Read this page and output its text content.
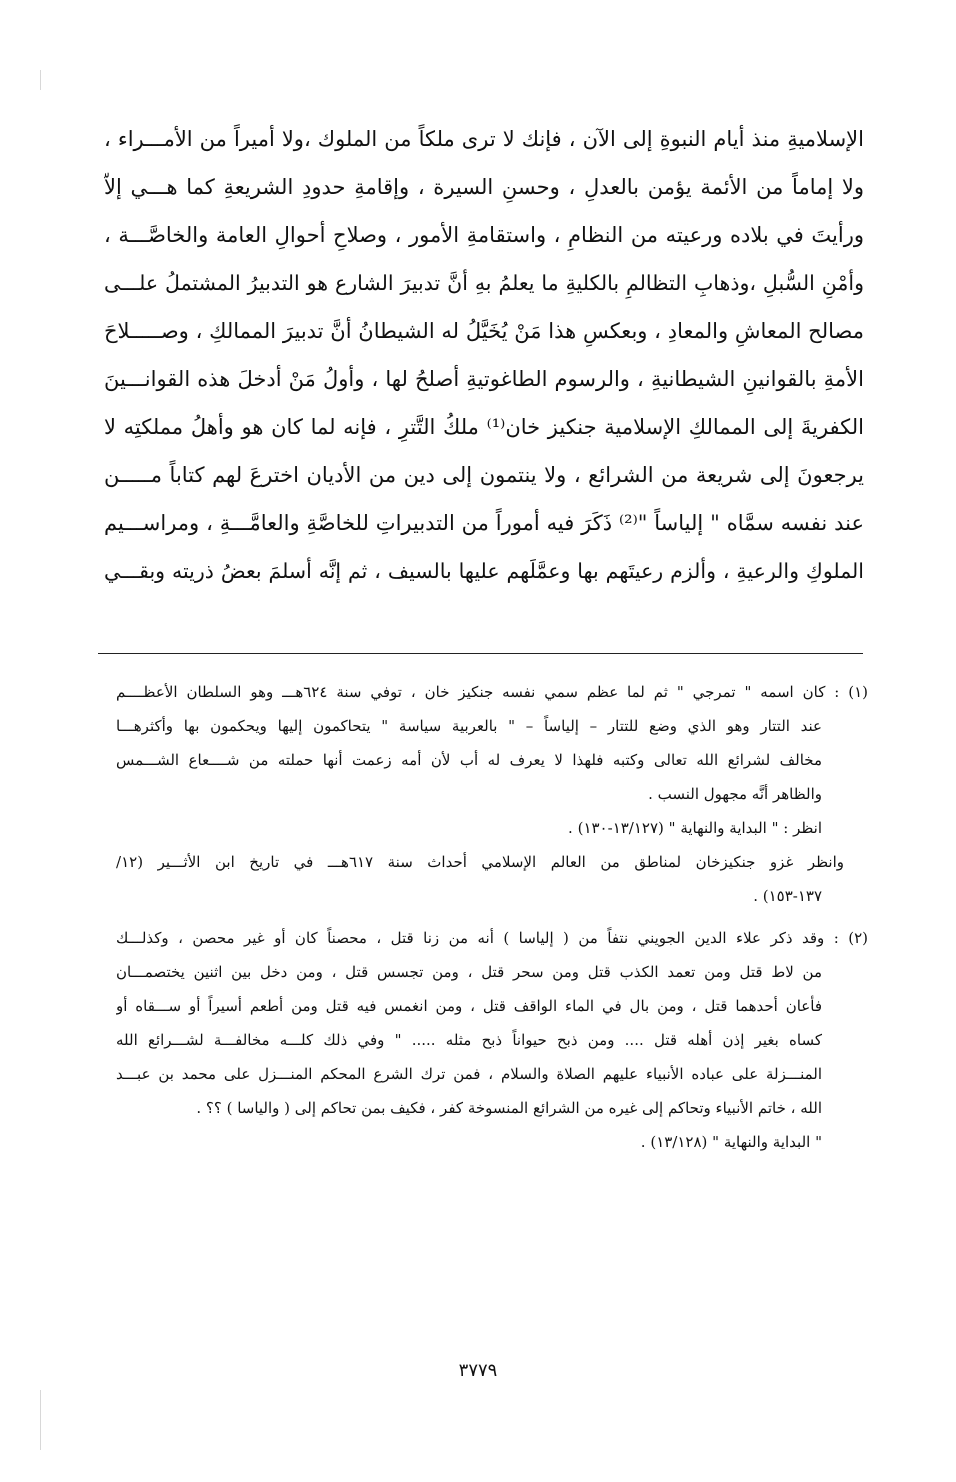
الإسلاميةِ منذ أيام النبوةِ إلى الآن ، فإنك لا ترى ملكاً من الملوك ،ولا أميراً من الأمـــراء ،
ولا إماماً من الأئمة يؤمن بالعدلِ ، وحسنِ السيرة ، وإقامةِ حدودِ الشريعةِ كما هـــي إلاّ
ورأيتَ في بلاده ورعيته من النظامِ ، واستقامةِ الأمور ، وصلاحِ أحوالِ العامة والخاصَّـــة ،
وأمْنِ السُّبلِ ،وذهابِ التظالمِ بالكليةِ ما يعلمُ بهِ أنَّ تدبيرَ الشارع هو التدبيرُ المشتملُ علـــى
مصالح المعاشِ والمعادِ ، وبعكسِ هذا مَنْ يُخَيَّلُ له الشيطانُ أنَّ تدبيرَ الممالكِ ، وصـــــلاحَ
الأمةِ بالقوانينِ الشيطانيةِ ، والرسوم الطاغوتيةِ أصلحُ لها ، وأولُ مَنْ أدخلَ هذه القوانـــينَ
الكفريةَ إلى الممالكِ الإسلامية جنكيز خان⁽¹⁾ ملكُ التَّترِ ، فإنه لما كان هو وأهلُ مملكتِه لا
يرجعونَ إلى شريعة من الشرائع ، ولا ينتمون إلى دين من الأديان اخترعَ لهم كتاباً مـــــن
عند نفسه سمَّاه " إلياساً "⁽²⁾ ذَكَرَ فيه أموراً من التدبيراتِ للخاصَّةِ والعامَّـــةِ ، ومراســـيم
الملوكِ والرعيةِ ، وألزم رعيتَهم بها وعمَّلَهم عليها بالسيف ، ثم إنَّه أسلمَ بعضُ ذريته وبقـــي
(١) : كان اسمه " تمرجي " ثم لما عظم سمي نفسه جنكيز خان ، توفي سنة ٦٢٤هـــ وهو السلطان الأعظــــم
عند التتار وهو الذي وضع للتتار – إلياساً – " بالعربية سياسة " يتحاكمون إليها ويحكمون بها وأكثرهـــا
مخالف لشرائع الله تعالى وكتبه فلهذا لا يعرف له أب لأن أمه زعمت أنها حملته من شــــعاع الشـــمس
والظاهر أنَّه مجهول النسب .
انظر : " البداية والنهاية " (١٣/١٢٧-١٣٠) .
وانظر غزو جنكيزخان لمناطق من العالم الإسلامي أحداث سنة ٦١٧هـــ في تاريخ ابن الأثـــير (١٢/
١٣٧-١٥٣) .
(٢) : وقد ذكر علاء الدين الجويني نتفاً من ( إلياسا ) أنه من زنا قتل ، محصناً كان أو غير محصن ، وكذلـــك
من لاط قتل ومن تعمد الكذب قتل ومن سحر قتل ، ومن تجسس قتل ، ومن دخل بين اثنين يختصمـــان
فأعان أحدهما قتل ، ومن بال في الماء الواقف قتل ، ومن انغمس فيه قتل ومن أطعم أسيراً أو ســـقاه أو
كساه بغير إذن أهله قتل .... ومن ذبح حيواناً ذبح مثله ..... " وفي ذلك كلـــه مخالفـــة لشـــرائع الله
المنـــزلة على عباده الأنبياء عليهم الصلاة والسلام ، فمن ترك الشرع المحكم المنـــزل على محمد بن عبـــد
الله ، خاتم الأنبياء وتحاكم إلى غيره من الشرائع المنسوخة كفر ، فكيف بمن تحاكم إلى ( والياسا ) ؟؟ .
" البداية والنهاية " (١٣/١٢٨) .
٣٧٧٩
